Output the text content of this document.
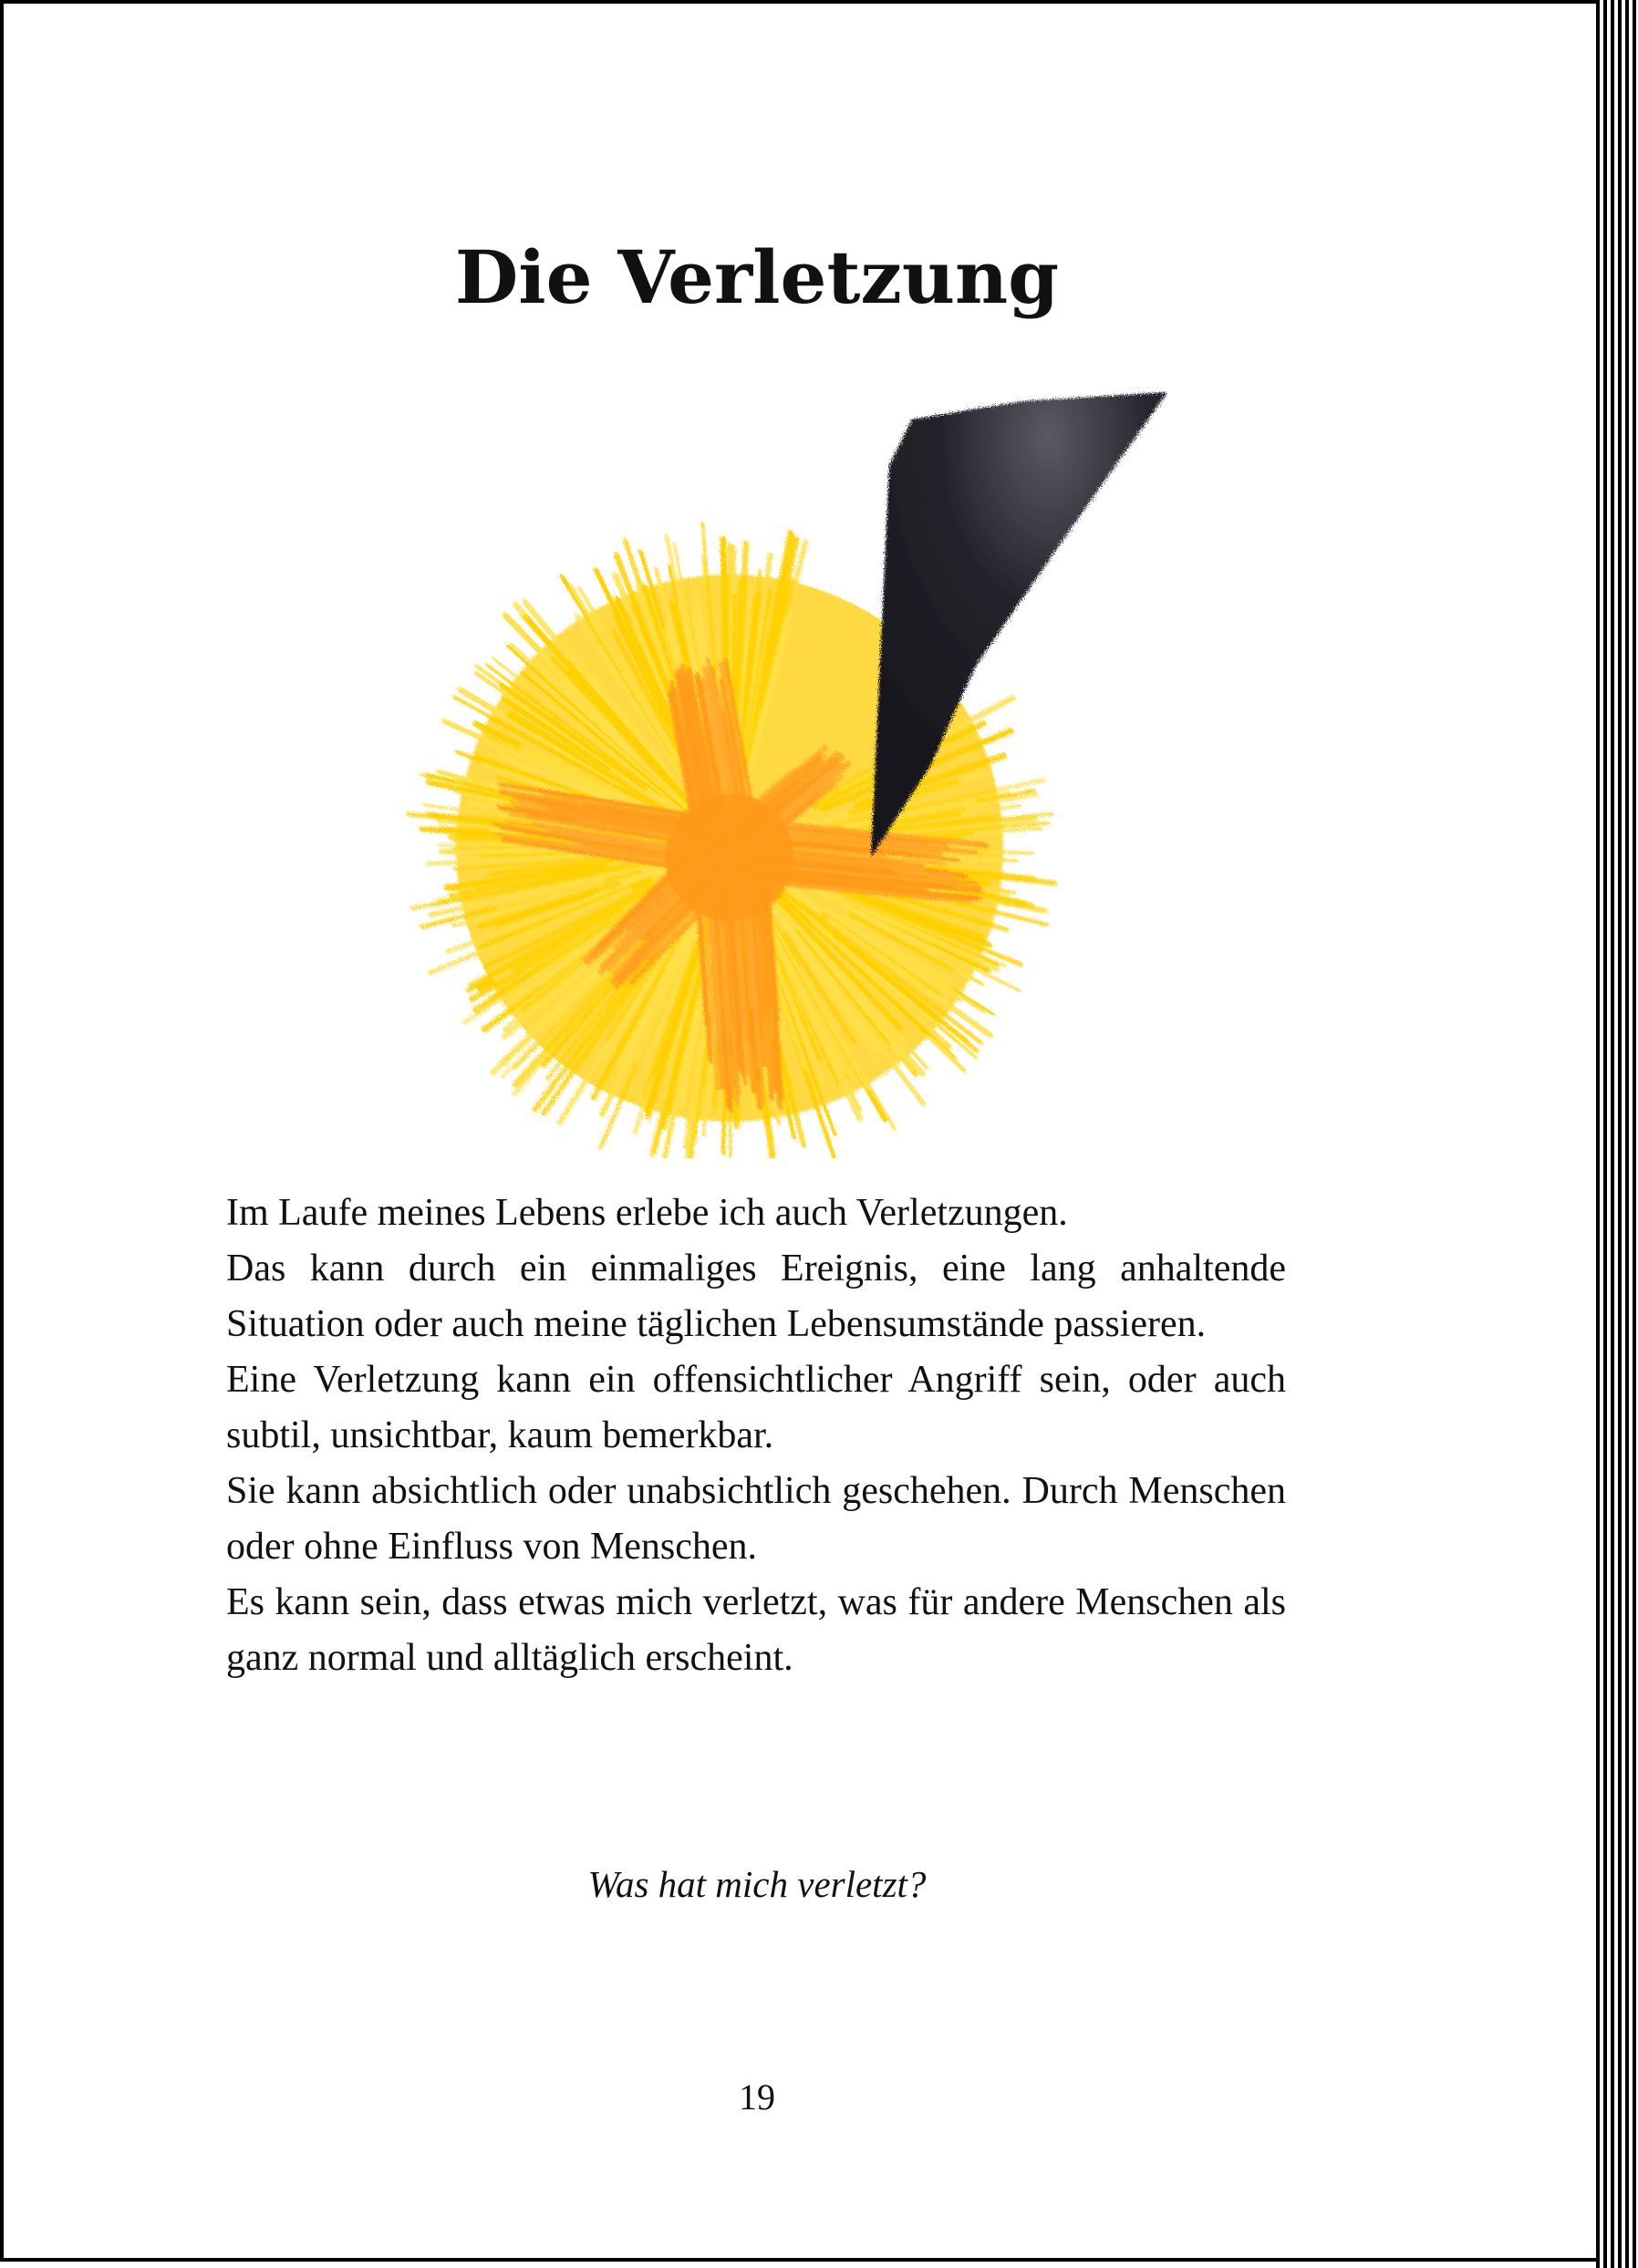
Die Verletzung

Im Laufe meines Lebens erlebe ich auch Verletzungen.

Das kann durch ein einmaliges Ereignis, eine lang anhaltende Situation oder auch meine täglichen Lebensumstände passieren.

Eine Verletzung kann ein offensichtlicher Angriff sein, oder auch subtil, unsichtbar, kaum bemerkbar.

Sie kann absichtlich oder unabsichtlich geschehen. Durch Menschen oder ohne Einfluss von Menschen.

Es kann sein, dass etwas mich verletzt, was für andere Menschen als ganz normal und alltäglich erscheint.

Was hat mich verletzt?
19
